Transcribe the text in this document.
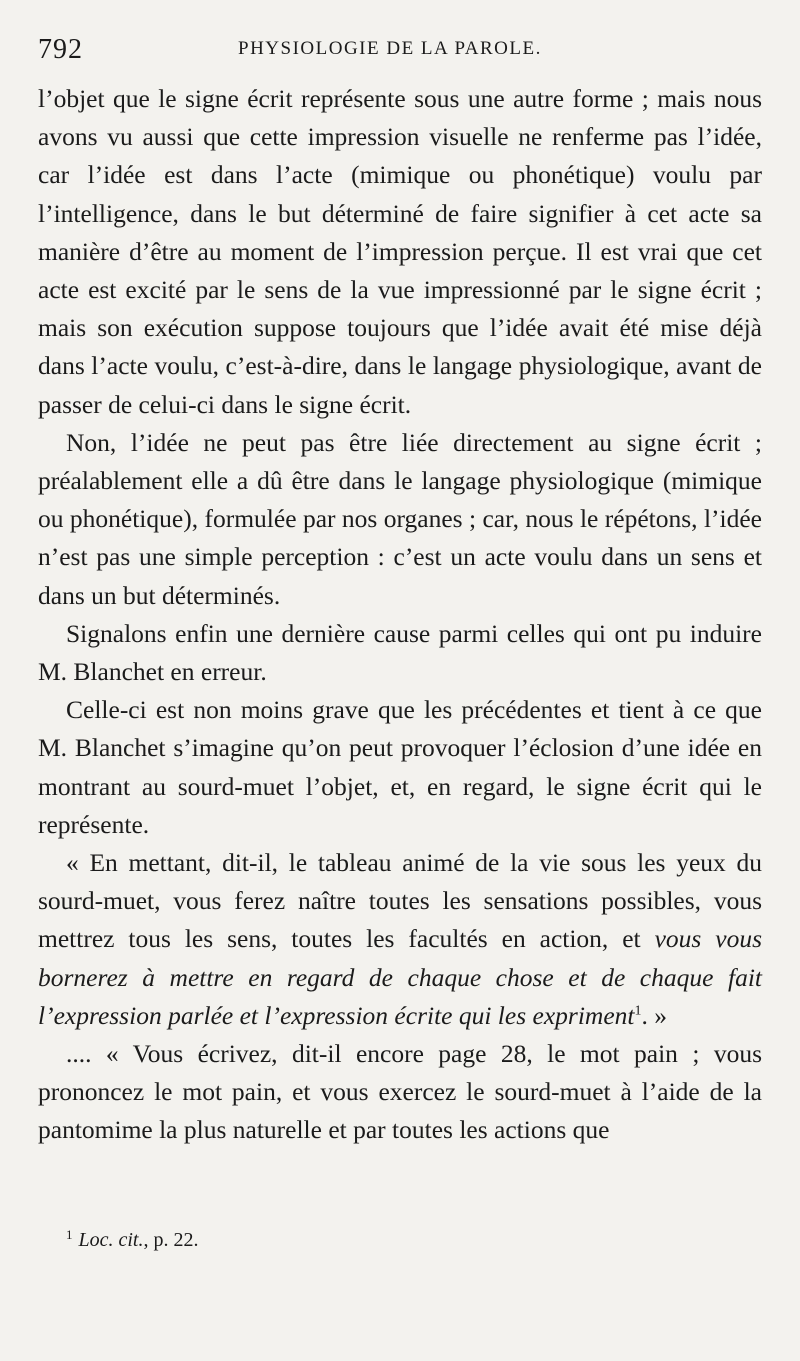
792	PHYSIOLOGIE DE LA PAROLE.

l’objet que le signe écrit représente sous une autre forme ; mais nous avons vu aussi que cette impression visuelle ne renferme pas l’idée, car l’idée est dans l’acte (mimique ou phonétique) voulu par l’intelligence, dans le but déterminé de faire signifier à cet acte sa manière d’être au moment de l’impression perçue. Il est vrai que cet acte est excité par le sens de la vue impressionné par le signe écrit ; mais son exécution suppose toujours que l’idée avait été mise déjà dans l’acte voulu, c’est-à-dire, dans le langage physiologique, avant de passer de celui-ci dans le signe écrit.

Non, l’idée ne peut pas être liée directement au signe écrit ; préalablement elle a dû être dans le langage physiologique (mimique ou phonétique), formulée par nos organes ; car, nous le répétons, l’idée n’est pas une simple perception : c’est un acte voulu dans un sens et dans un but déterminés.

Signalons enfin une dernière cause parmi celles qui ont pu induire M. Blanchet en erreur.

Celle-ci est non moins grave que les précédentes et tient à ce que M. Blanchet s’imagine qu’on peut provoquer l’éclosion d’une idée en montrant au sourd-muet l’objet, et, en regard, le signe écrit qui le représente.

« En mettant, dit-il, le tableau animé de la vie sous les yeux du sourd-muet, vous ferez naître toutes les sensations possibles, vous mettrez tous les sens, toutes les facultés en action, et vous vous bornerez à mettre en regard de chaque chose et de chaque fait l’expression parlée et l’expression écrite qui les expriment$^1$. »

.... « Vous écrivez, dit-il encore page 28, le mot pain ; vous prononcez le mot pain, et vous exercez le sourd-muet à l’aide de la pantomime la plus naturelle et par toutes les actions que

$^1$ Loc. cit., p. 22.
